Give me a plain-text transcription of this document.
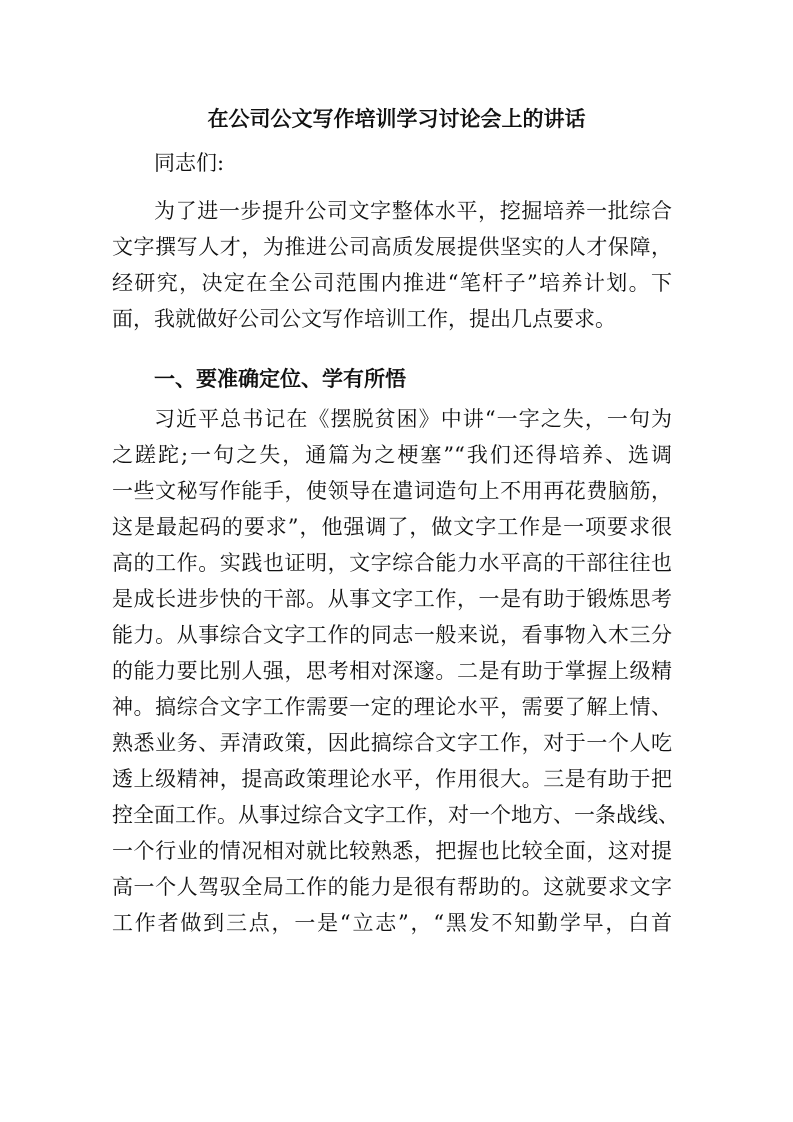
在公司公文写作培训学习讨论会上的讲话
同志们:
为了进一步提升公司文字整体水平，挖掘培养一批综合
文字撰写人才，为推进公司高质发展提供坚实的人才保障，
经研究，决定在全公司范围内推进“笔杆子”培养计划。下
面，我就做好公司公文写作培训工作，提出几点要求。
一、要准确定位、学有所悟
习近平总书记在《摆脱贫困》中讲“一字之失，一句为
之蹉跎;一句之失，通篇为之梗塞”“我们还得培养、选调
一些文秘写作能手，使领导在遣词造句上不用再花费脑筋，
这是最起码的要求”，他强调了，做文字工作是一项要求很
高的工作。实践也证明，文字综合能力水平高的干部往往也
是成长进步快的干部。从事文字工作，一是有助于锻炼思考
能力。从事综合文字工作的同志一般来说，看事物入木三分
的能力要比别人强，思考相对深邃。二是有助于掌握上级精
神。搞综合文字工作需要一定的理论水平，需要了解上情、
熟悉业务、弄清政策，因此搞综合文字工作，对于一个人吃
透上级精神，提高政策理论水平，作用很大。三是有助于把
控全面工作。从事过综合文字工作，对一个地方、一条战线、
一个行业的情况相对就比较熟悉，把握也比较全面，这对提
高一个人驾驭全局工作的能力是很有帮助的。这就要求文字
工作者做到三点，一是“立志”，“黑发不知勤学早，白首
